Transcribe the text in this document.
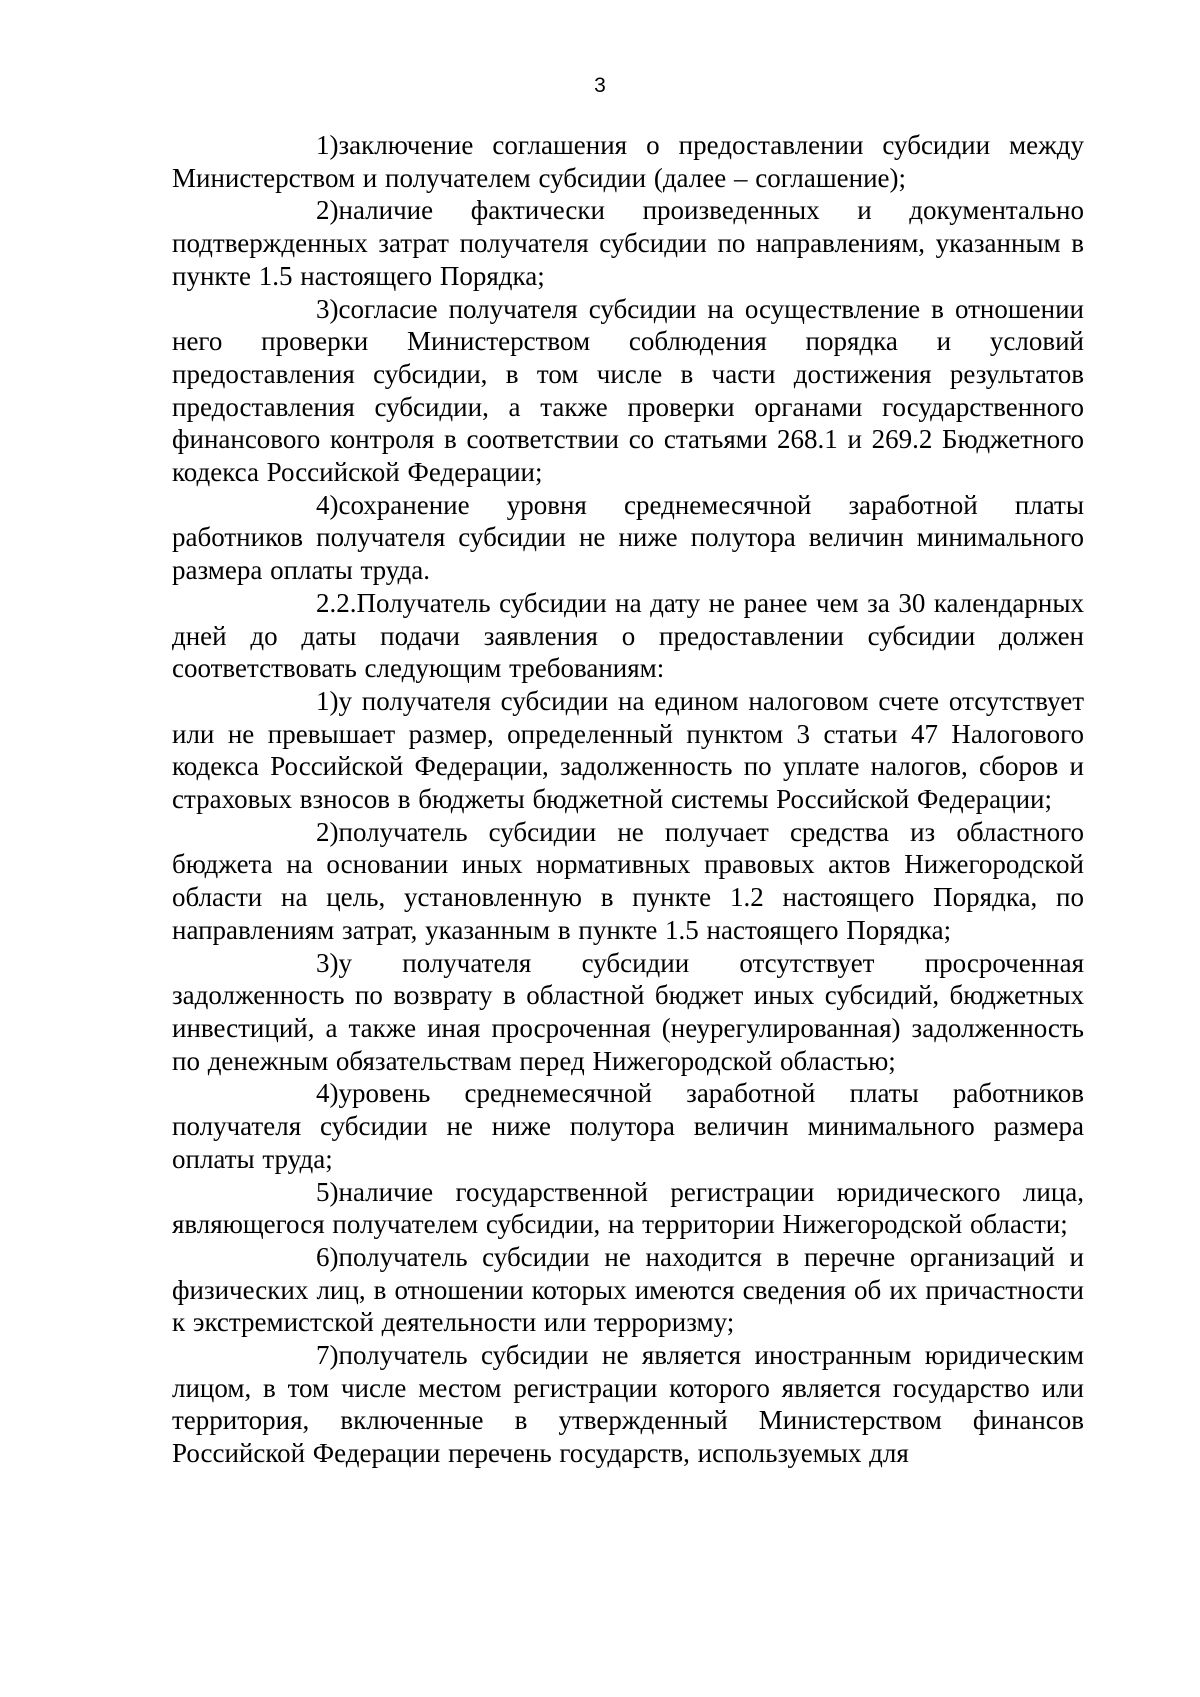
3

1)заключение соглашения о предоставлении субсидии между Министерством и получателем субсидии (далее – соглашение);

2)наличие фактически произведенных и документально подтвержденных затрат получателя субсидии по направлениям, указанным в пункте 1.5 настоящего Порядка;

3)согласие получателя субсидии на осуществление в отношении него проверки Министерством соблюдения порядка и условий предоставления субсидии, в том числе в части достижения результатов предоставления субсидии, а также проверки органами государственного финансового контроля в соответствии со статьями 268.1 и 269.2 Бюджетного кодекса Российской Федерации;

4)сохранение уровня среднемесячной заработной платы работников получателя субсидии не ниже полутора величин минимального размера оплаты труда.

2.2.Получатель субсидии на дату не ранее чем за 30 календарных дней до даты подачи заявления о предоставлении субсидии должен соответствовать следующим требованиям:

1)у получателя субсидии на едином налоговом счете отсутствует или не превышает размер, определенный пунктом 3 статьи 47 Налогового кодекса Российской Федерации, задолженность по уплате налогов, сборов и страховых взносов в бюджеты бюджетной системы Российской Федерации;

2)получатель субсидии не получает средства из областного бюджета на основании иных нормативных правовых актов Нижегородской области на цель, установленную в пункте 1.2 настоящего Порядка, по направлениям затрат, указанным в пункте 1.5 настоящего Порядка;

3)у получателя субсидии отсутствует просроченная задолженность по возврату в областной бюджет иных субсидий, бюджетных инвестиций, а также иная просроченная (неурегулированная) задолженность по денежным обязательствам перед Нижегородской областью;

4)уровень среднемесячной заработной платы работников получателя субсидии не ниже полутора величин минимального размера оплаты труда;

5)наличие государственной регистрации юридического лица, являющегося получателем субсидии, на территории Нижегородской области;

6)получатель субсидии не находится в перечне организаций и физических лиц, в отношении которых имеются сведения об их причастности к экстремистской деятельности или терроризму;

7)получатель субсидии не является иностранным юридическим лицом, в том числе местом регистрации которого является государство или территория, включенные в утвержденный Министерством финансов Российской Федерации перечень государств, используемых для
